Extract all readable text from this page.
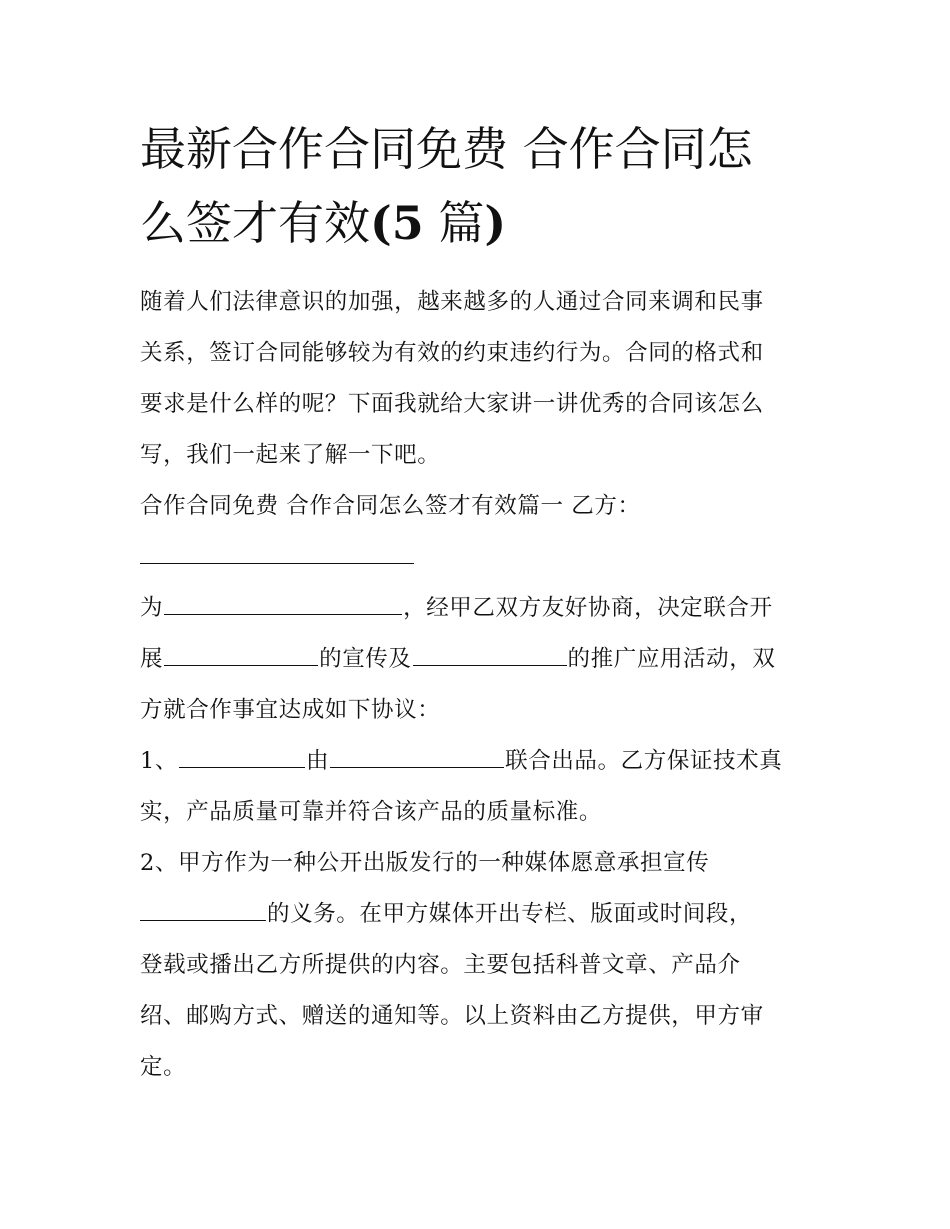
最新合作合同免费 合作合同怎
么签才有效(5 篇)
随着人们法律意识的加强，越来越多的人通过合同来调和民事
关系，签订合同能够较为有效的约束违约行为。合同的格式和
要求是什么样的呢？下面我就给大家讲一讲优秀的合同该怎么
写，我们一起来了解一下吧。
合作合同免费 合作合同怎么签才有效篇一 乙方：
为	，经甲乙双方友好协商，决定联合开
展	的宣传及	的推广应用活动，双
方就合作事宜达成如下协议：
1、	由	联合出品。乙方保证技术真
实，产品质量可靠并符合该产品的质量标准。
2、甲方作为一种公开出版发行的一种媒体愿意承担宣传
的义务。在甲方媒体开出专栏、版面或时间段，
登载或播出乙方所提供的内容。主要包括科普文章、产品介
绍、邮购方式、赠送的通知等。以上资料由乙方提供，甲方审
定。
